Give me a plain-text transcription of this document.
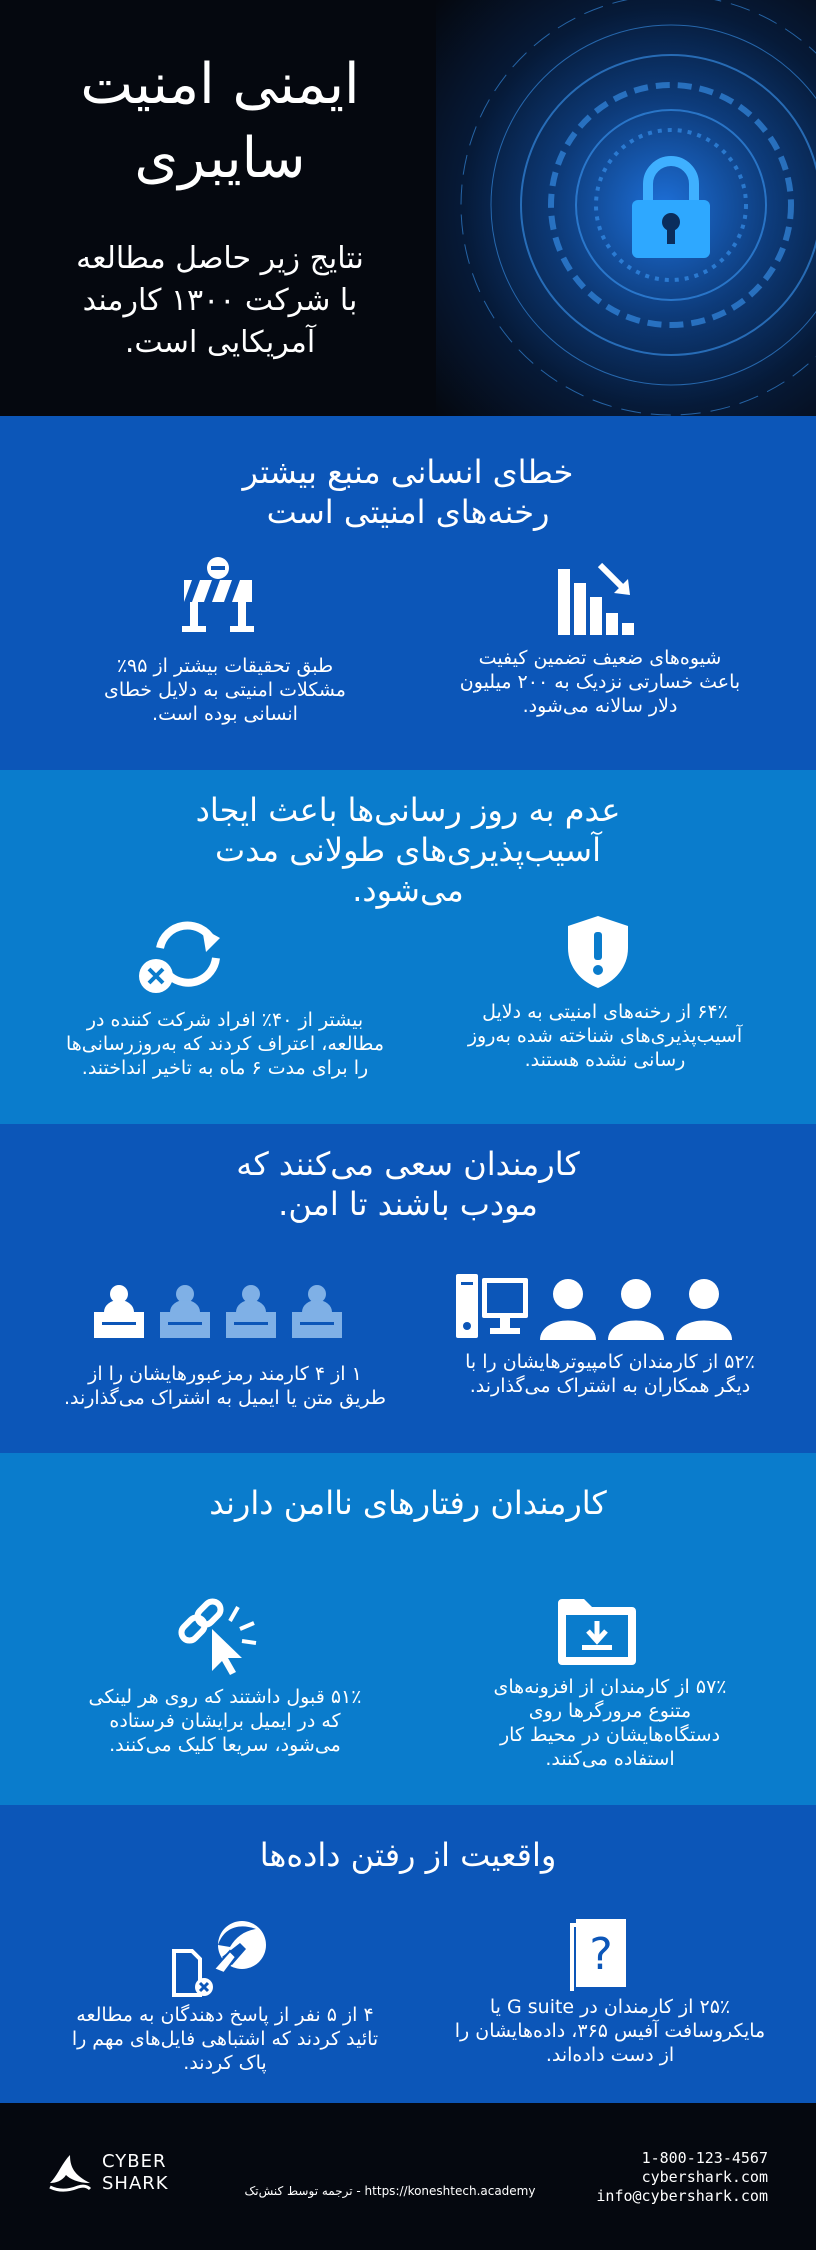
ایمنی امنیت
سایبری
نتایج زیر حاصل مطالعه
با شرکت ۱۳۰۰ کارمند
آمریکایی است.
خطای انسانی منبع بیشتر
رخنه‌های امنیتی است
طبق تحقیقات بیشتر از ۹۵٪
مشکلات امنیتی به دلایل خطای
انسانی بوده است.
شیوه‌های ضعیف تضمین کیفیت
باعث خسارتی نزدیک به ۲۰۰ میلیون
دلار سالانه می‌شود.
عدم به روز رسانی‌ها باعث ایجاد
آسیب‌پذیری‌های طولانی مدت
می‌شود.
بیشتر از ۴۰٪ افراد شرکت کننده در
مطالعه، اعتراف کردند که به‌روزرسانی‌ها
را برای مدت ۶ ماه به تاخیر انداختند.
۶۴٪ از رخنه‌های امنیتی به دلایل
آسیب‌پذیری‌های شناخته شده به‌روز
رسانی نشده هستند.
کارمندان سعی می‌کنند که
مودب باشند تا امن.
۱ از ۴ کارمند رمزعبورهایشان را از
طریق متن یا ایمیل به اشتراک می‌گذارند.
۵۲٪ از کارمندان کامپیوترهایشان را با
دیگر همکاران به اشتراک می‌گذارند.
کارمندان رفتارهای ناامن دارند
۵۱٪ قبول داشتند که روی هر لینکی
که در ایمیل برایشان فرستاده
می‌شود، سریعا کلیک می‌کنند.
۵۷٪ از کارمندان از افزونه‌های
متنوع مرورگرها روی
دستگاه‌هایشان در محیط کار
استفاده می‌کنند.
واقعیت از رفتن داده‌ها
۴ از ۵ نفر از پاسخ دهندگان به مطالعه
تائید کردند که اشتباهی فایل‌های مهم را
پاک کردند.
?
۲۵٪ از کارمندان در G suite یا
مایکروسافت آفیس ۳۶۵، داده‌هایشان را
از دست داده‌اند.
CYBER
SHARK	ترجمه توسط کنش‌تک - https://koneshtech.academy
1-800-123-4567
cybershark.com
info@cybershark.com
